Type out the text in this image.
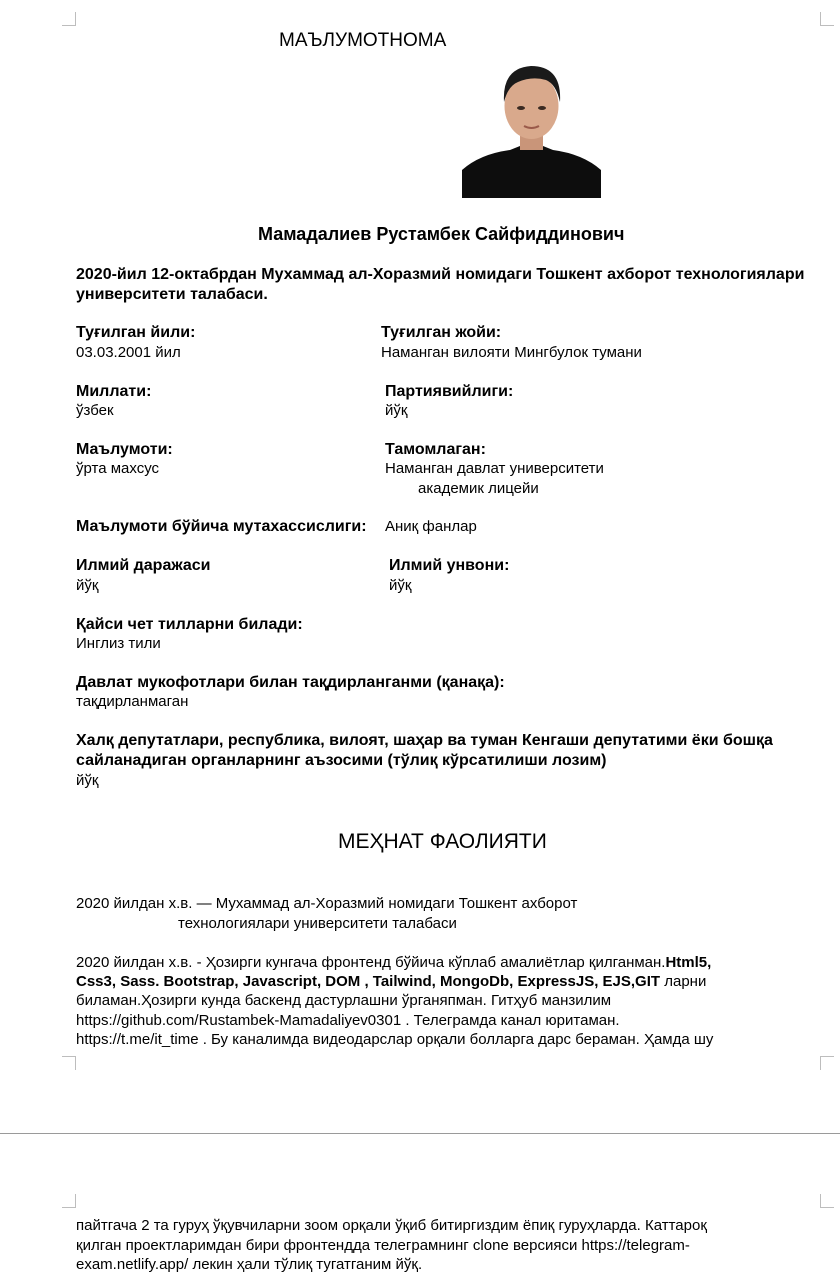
МАЪЛУМОТНОМА
Мамадалиев Рустамбек Сайфиддинович
2020-йил 12-октабрдан Мухаммад ал-Хоразмий номидаги Тошкент ахборот технологиялари
университети талабаси.
Туғилган йили:
03.03.2001 йил
Туғилган жойи:
Наманган вилояти Мингбулок тумани
Миллати:
ўзбек
Партиявийлиги:
йўқ
Маълумоти:
ўрта махсус
Тамомлаган:
Наманган давлат университети
академик лицейи
Маълумоти бўйича мутахассислиги: Аниқ фанлар
Илмий даражаси
йўқ
Илмий унвони:
йўқ
Қайси чет тилларни билади:
Инглиз тили
Давлат мукофотлари билан тақдирланганми (қанақа):
тақдирланмаган
Халқ депутатлари, республика, вилоят, шаҳар ва туман Кенгаши депутатими ёки бошқа
сайланадиган органларнинг аъзосими (тўлиқ кўрсатилиши лозим)
йўқ
МЕҲНАТ ФАОЛИЯТИ
2020 йилдан х.в. — Мухаммад ал-Хоразмий номидаги Тошкент ахборот
технологиялари университети талабаси
2020 йилдан х.в. - Ҳозирги кунгача фронтенд бўйича кўплаб амалиётлар қилганман.Html5,
Css3, Sass. Bootstrap, Javascript, DOM , Tailwind, MongoDb, ExpressJS, EJS,GIT ларни
биламан.Ҳозирги кунда баскенд дастурлашни ўрганяпман. Гитҳуб манзилим
https://github.com/Rustambek-Mamadaliyev0301 . Телеграмда канал юритаман.
https://t.me/it_time . Бу каналимда видеодарслар орқали болларга дарс бераман. Ҳамда шу
пайтгача 2 та гуруҳ ўқувчиларни зоом орқали ўқиб битиргиздим ёпиқ гуруҳларда. Каттароқ
қилган проектларимдан бири фронтендда телеграмнинг clone версияси https://telegram-
exam.netlify.app/ лекин ҳали тўлиқ тугатганим йўқ.
